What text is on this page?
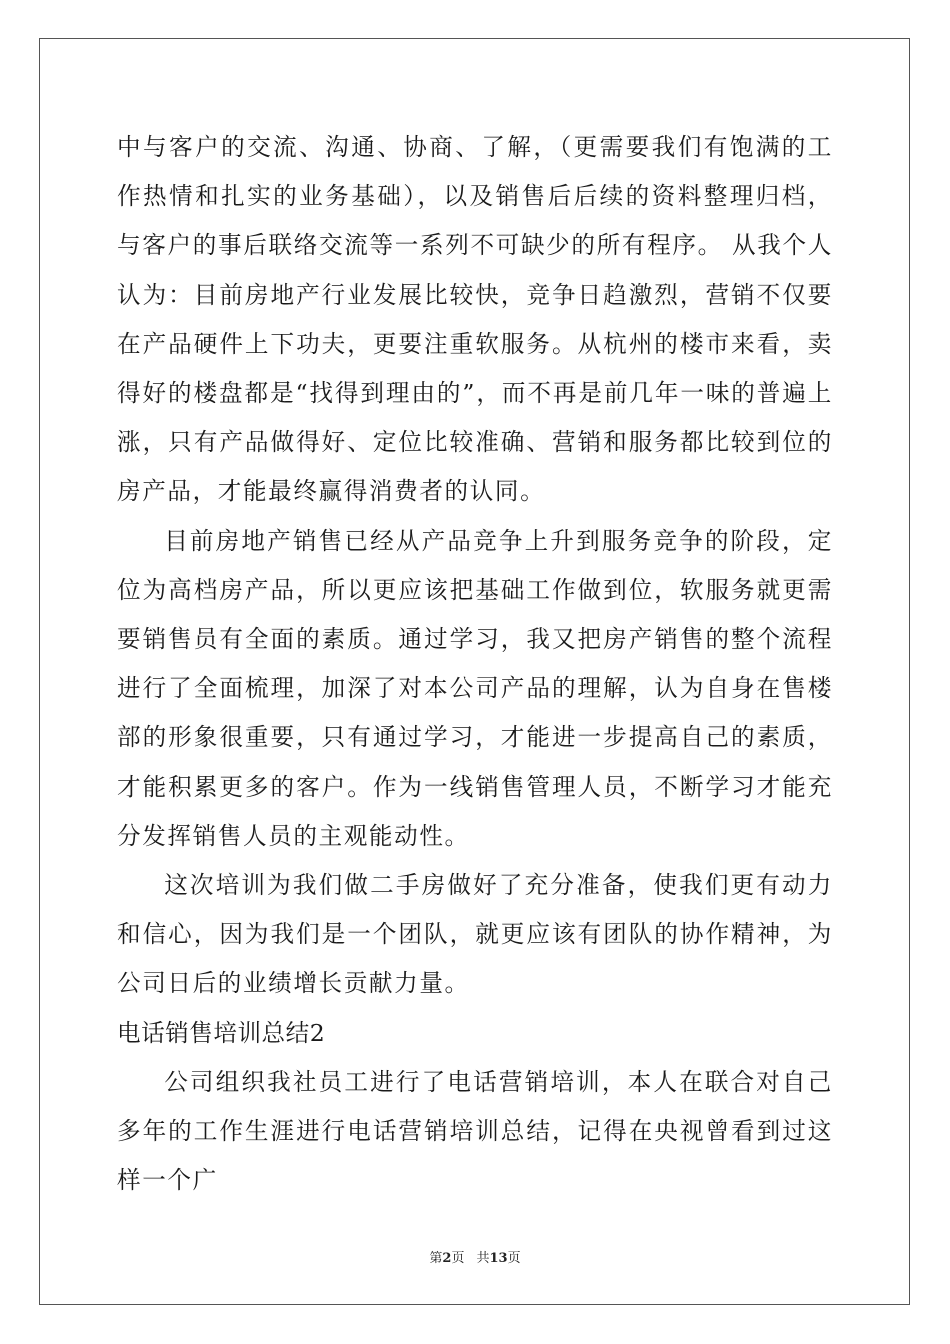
中与客户的交流、沟通、协商、了解，（更需要我们有饱满的工作热情和扎实的业务基础），以及销售后后续的资料整理归档，与客户的事后联络交流等一系列不可缺少的所有程序。 从我个人认为：目前房地产行业发展比较快，竞争日趋激烈，营销不仅要在产品硬件上下功夫，更要注重软服务。从杭州的楼市来看，卖得好的楼盘都是“找得到理由的”，而不再是前几年一味的普遍上涨，只有产品做得好、定位比较准确、营销和服务都比较到位的房产品，才能最终赢得消费者的认同。

目前房地产销售已经从产品竞争上升到服务竞争的阶段，定位为高档房产品，所以更应该把基础工作做到位，软服务就更需要销售员有全面的素质。通过学习，我又把房产销售的整个流程进行了全面梳理，加深了对本公司产品的理解，认为自身在售楼部的形象很重要，只有通过学习，才能进一步提高自己的素质，才能积累更多的客户。作为一线销售管理人员，不断学习才能充分发挥销售人员的主观能动性。

这次培训为我们做二手房做好了充分准备，使我们更有动力和信心，因为我们是一个团队，就更应该有团队的协作精神，为公司日后的业绩增长贡献力量。

电话销售培训总结2

公司组织我社员工进行了电话营销培训，本人在联合对自己多年的工作生涯进行电话营销培训总结，记得在央视曾看到过这样一个广

第2页 共13页
